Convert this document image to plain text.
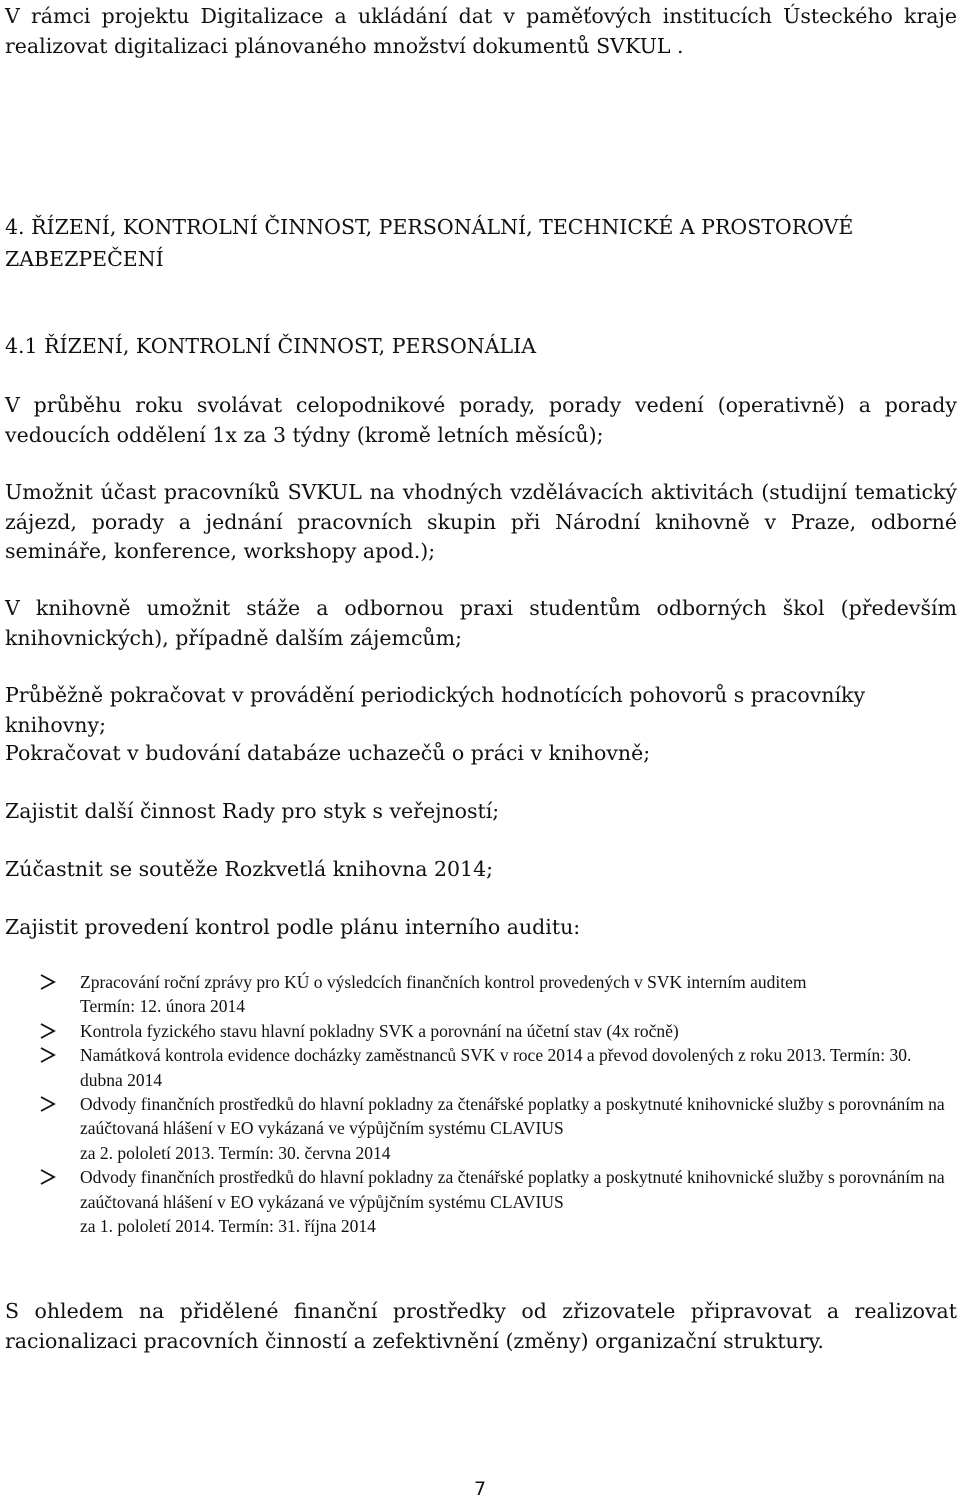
V rámci projektu Digitalizace a ukládání dat v paměťových institucích Ústeckého kraje realizovat digitalizaci plánovaného množství dokumentů SVKUL .

4. ŘÍZENÍ, KONTROLNÍ ČINNOST, PERSONÁLNÍ, TECHNICKÉ A PROSTOROVÉ ZABEZPEČENÍ
4.1 ŘÍZENÍ, KONTROLNÍ ČINNOST, PERSONÁLIA

V průběhu roku svolávat celopodnikové porady, porady vedení (operativně) a porady vedoucích oddělení 1x za 3 týdny (kromě letních měsíců);

Umožnit účast pracovníků SVKUL na vhodných vzdělávacích aktivitách (studijní tematický zájezd, porady a jednání pracovních skupin při Národní knihovně v Praze, odborné semináře, konference, workshopy apod.);

V knihovně umožnit stáže a odbornou praxi studentům odborných škol (především knihovnických), případně dalším zájemcům;

Průběžně pokračovat v provádění periodických hodnotících pohovorů s pracovníky knihovny;

Pokračovat v budování databáze uchazečů o práci v knihovně;

Zajistit další činnost Rady pro styk s veřejností;

Zúčastnit se soutěže Rozkvetlá knihovna 2014;

Zajistit provedení kontrol podle plánu interního auditu:

Zpracování roční zprávy pro KÚ o výsledcích finančních kontrol provedených v SVK interním auditem
Termín: 12. února 2014
Kontrola fyzického stavu hlavní pokladny SVK a porovnání na účetní stav (4x ročně)
Namátková kontrola evidence docházky zaměstnanců SVK v roce 2014 a převod dovolených z roku 2013. Termín: 30. dubna 2014
Odvody finančních prostředků do hlavní pokladny za čtenářské poplatky a poskytnuté knihovnické služby s porovnáním na zaúčtovaná hlášení v EO vykázaná ve výpůjčním systému CLAVIUS
za 2. pololetí 2013. Termín: 30. června 2014
Odvody finančních prostředků do hlavní pokladny za čtenářské poplatky a poskytnuté knihovnické služby s porovnáním na zaúčtovaná hlášení v EO vykázaná ve výpůjčním systému CLAVIUS
za 1. pololetí 2014. Termín: 31. října 2014

S ohledem na přidělené finanční prostředky od zřizovatele připravovat a realizovat racionalizaci pracovních činností a zefektivnění (změny) organizační struktury.

7
